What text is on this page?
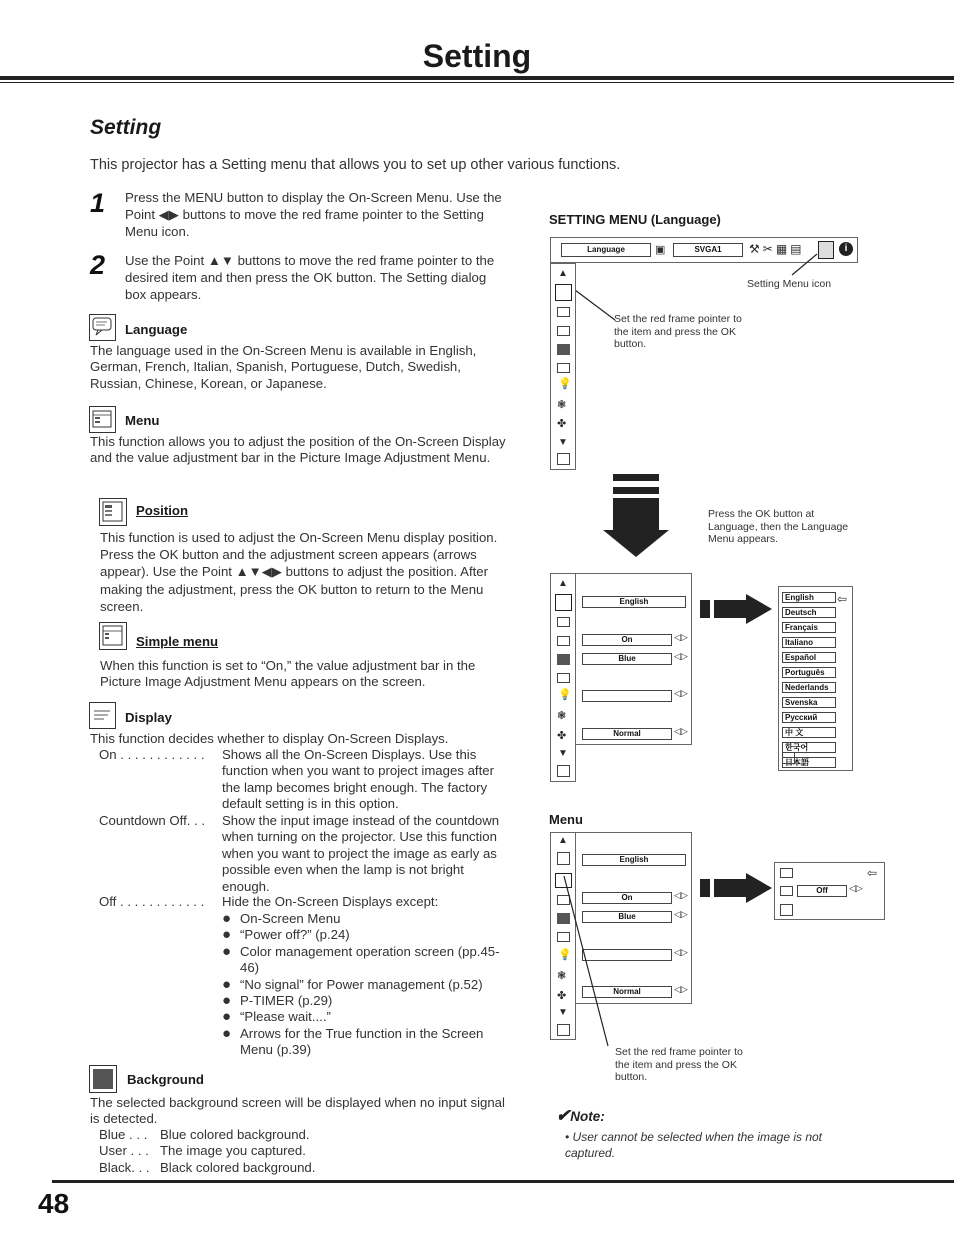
Setting
Setting
This projector has a Setting menu that allows you to set up other various functions.
1 Press the MENU button to display the On-Screen Menu. Use the Point ◀▶ buttons to move the red frame pointer to the Setting Menu icon.
2 Use the Point ▲▼ buttons to move the red frame pointer to the desired item and then press the OK button. The Setting dialog box appears.
Language
The language used in the On-Screen Menu is available in English, German, French, Italian, Spanish, Portuguese, Dutch, Swedish, Russian, Chinese, Korean, or Japanese.
Menu
This function allows you to adjust the position of the On-Screen Display and the value adjustment bar in the Picture Image Adjustment Menu.
Position
This function is used to adjust the On-Screen Menu display position. Press the OK button and the adjustment screen appears (arrows appear). Use the Point ▲▼◀▶ buttons to adjust the position. After making the adjustment, press the OK button to return to the Menu screen.
Simple menu
When this function is set to “On,” the value adjustment bar in the Picture Image Adjustment Menu appears on the screen.
Display
This function decides whether to display On-Screen Displays.
On . . . . . . . . . . . . Shows all the On-Screen Displays. Use this function when you want to project images after the lamp becomes bright enough. The factory default setting is in this option.
Countdown Off. . . Show the input image instead of the countdown when turning on the projector. Use this function when you want to project the image as early as possible even when the lamp is not bright enough.
Off . . . . . . . . . . . . Hide the On-Screen Displays except:
● On-Screen Menu
● “Power off?” (p.24)
● Color management operation screen (pp.45-46)
● “No signal” for Power management (p.52)
● P-TIMER (p.29)
● “Please wait....”
● Arrows for the True function in the Screen Menu (p.39)
Background
The selected background screen will be displayed when no input signal is detected.
Blue . . . Blue colored background.
User . . . The image you captured.
Black. . . Black colored background.
SETTING MENU (Language)
Language	▣	SVGA1	⚒✂▦▤	i
Setting Menu icon
▲
💡
❃
✤
▼
Set the red frame pointer to the item and press the OK button.
Press the OK button at Language, then the Language Menu appears.
▲
💡
❃
✤
▼
English
On	◁▷
Blue	◁▷
◁▷
Normal	◁▷
⇦
English
Deutsch
Français
Italiano
Español
Português
Nederlands
Svenska
Русский
中 文
한국어
日本語
Menu
▲
💡
❃
✤
▼
English
On	◁▷
Blue	◁▷
◁▷
Normal	◁▷
⇦
Off	◁▷
Set the red frame pointer to the item and press the OK button.
✔Note:
• User cannot be selected when the image is not captured.
48
